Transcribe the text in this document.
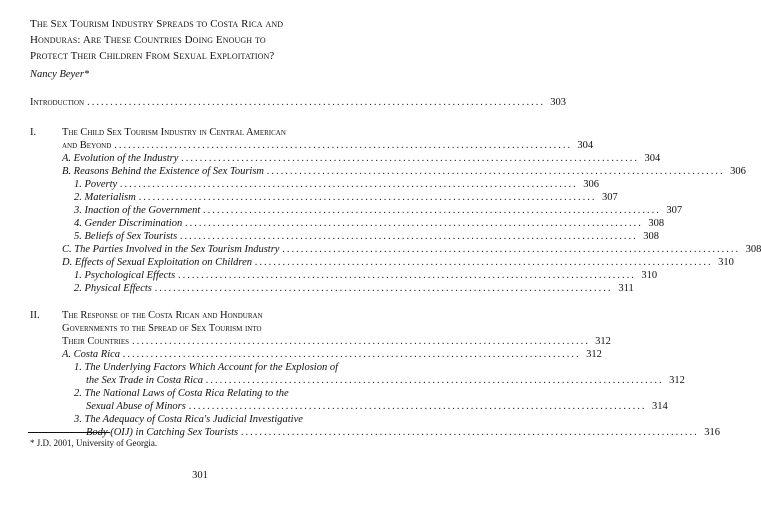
The Sex Tourism Industry Spreads to Costa Rica and
Honduras: Are These Countries Doing Enough to
Protect Their Children From Sexual Exploitation?
Nancy Beyer*
Introduction ................................................................................................... 303
I. The Child Sex Tourism Industry in Central American
and Beyond ................................................................................................... 304
A. Evolution of the Industry ................................................................................................... 304
B. Reasons Behind the Existence of Sex Tourism ................................................................................................... 306
1. Poverty ................................................................................................... 306
2. Materialism ................................................................................................... 307
3. Inaction of the Government ................................................................................................... 307
4. Gender Discrimination ................................................................................................... 308
5. Beliefs of Sex Tourists ................................................................................................... 308
C. The Parties Involved in the Sex Tourism Industry ................................................................................................... 308
D. Effects of Sexual Exploitation on Children ................................................................................................... 310
1. Psychological Effects ................................................................................................... 310
2. Physical Effects ................................................................................................... 311
II. The Response of the Costa Rican and Honduran
Governments to the Spread of Sex Tourism into
Their Countries ................................................................................................... 312
A. Costa Rica ................................................................................................... 312
1. The Underlying Factors Which Account for the Explosion of
the Sex Trade in Costa Rica ................................................................................................... 312
2. The National Laws of Costa Rica Relating to the
Sexual Abuse of Minors ................................................................................................... 314
3. The Adequacy of Costa Rica's Judicial Investigative
Body (OIJ) in Catching Sex Tourists ................................................................................................... 316
* J.D. 2001, University of Georgia.
301
